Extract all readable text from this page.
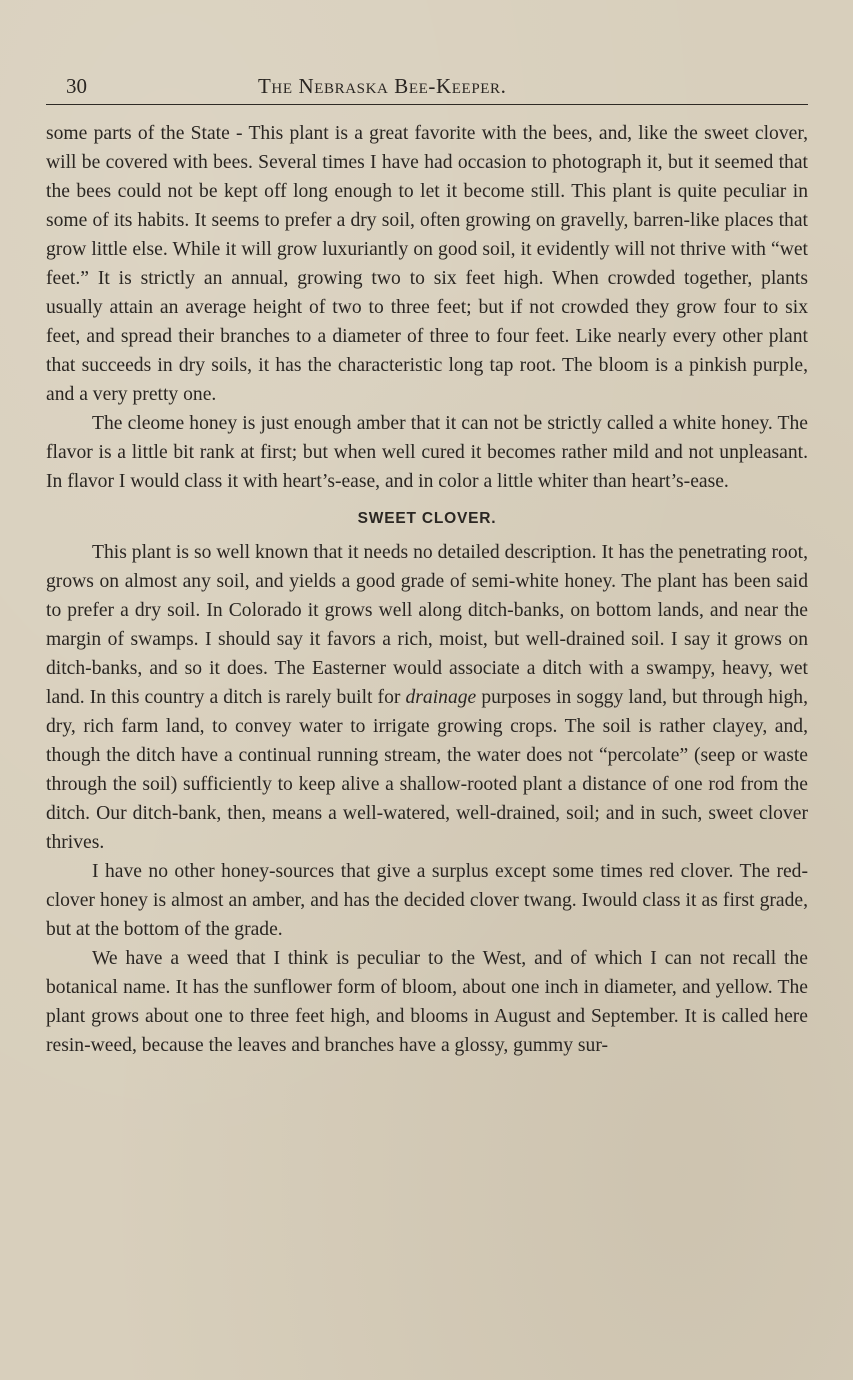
30	The Nebraska Bee-Keeper.

some parts of the State - This plant is a great favorite with the bees, and, like the sweet clover, will be covered with bees. Several times I have had occasion to photograph it, but it seemed that the bees could not be kept off long enough to let it become still. This plant is quite peculiar in some of its habits. It seems to prefer a dry soil, often growing on gravelly, barren-like places that grow little else. While it will grow luxuriantly on good soil, it evidently will not thrive with “wet feet.” It is strictly an annual, growing two to six feet high. When crowded together, plants usually attain an average height of two to three feet; but if not crowded they grow four to six feet, and spread their branches to a diameter of three to four feet. Like nearly every other plant that succeeds in dry soils, it has the characteristic long tap root. The bloom is a pinkish purple, and a very pretty one.

The cleome honey is just enough amber that it can not be strictly called a white honey. The flavor is a little bit rank at first; but when well cured it becomes rather mild and not unpleasant. In flavor I would class it with heart’s-ease, and in color a little whiter than heart’s-ease.

SWEET CLOVER.

This plant is so well known that it needs no detailed description. It has the penetrating root, grows on almost any soil, and yields a good grade of semi-white honey. The plant has been said to prefer a dry soil. In Colorado it grows well along ditch-banks, on bottom lands, and near the margin of swamps. I should say it favors a rich, moist, but well-drained soil. I say it grows on ditch-banks, and so it does. The Easterner would associate a ditch with a swampy, heavy, wet land. In this country a ditch is rarely built for drainage purposes in soggy land, but through high, dry, rich farm land, to convey water to irrigate growing crops. The soil is rather clayey, and, though the ditch have a continual running stream, the water does not “percolate” (seep or waste through the soil) sufficiently to keep alive a shallow-rooted plant a distance of one rod from the ditch. Our ditch-bank, then, means a well-watered, well-drained, soil; and in such, sweet clover thrives.

I have no other honey-sources that give a surplus except some times red clover. The red-clover honey is almost an amber, and has the decided clover twang. Iwould class it as first grade, but at the bottom of the grade.

We have a weed that I think is peculiar to the West, and of which I can not recall the botanical name. It has the sunflower form of bloom, about one inch in diameter, and yellow. The plant grows about one to three feet high, and blooms in August and September. It is called here resin-weed, because the leaves and branches have a glossy, gummy sur-
